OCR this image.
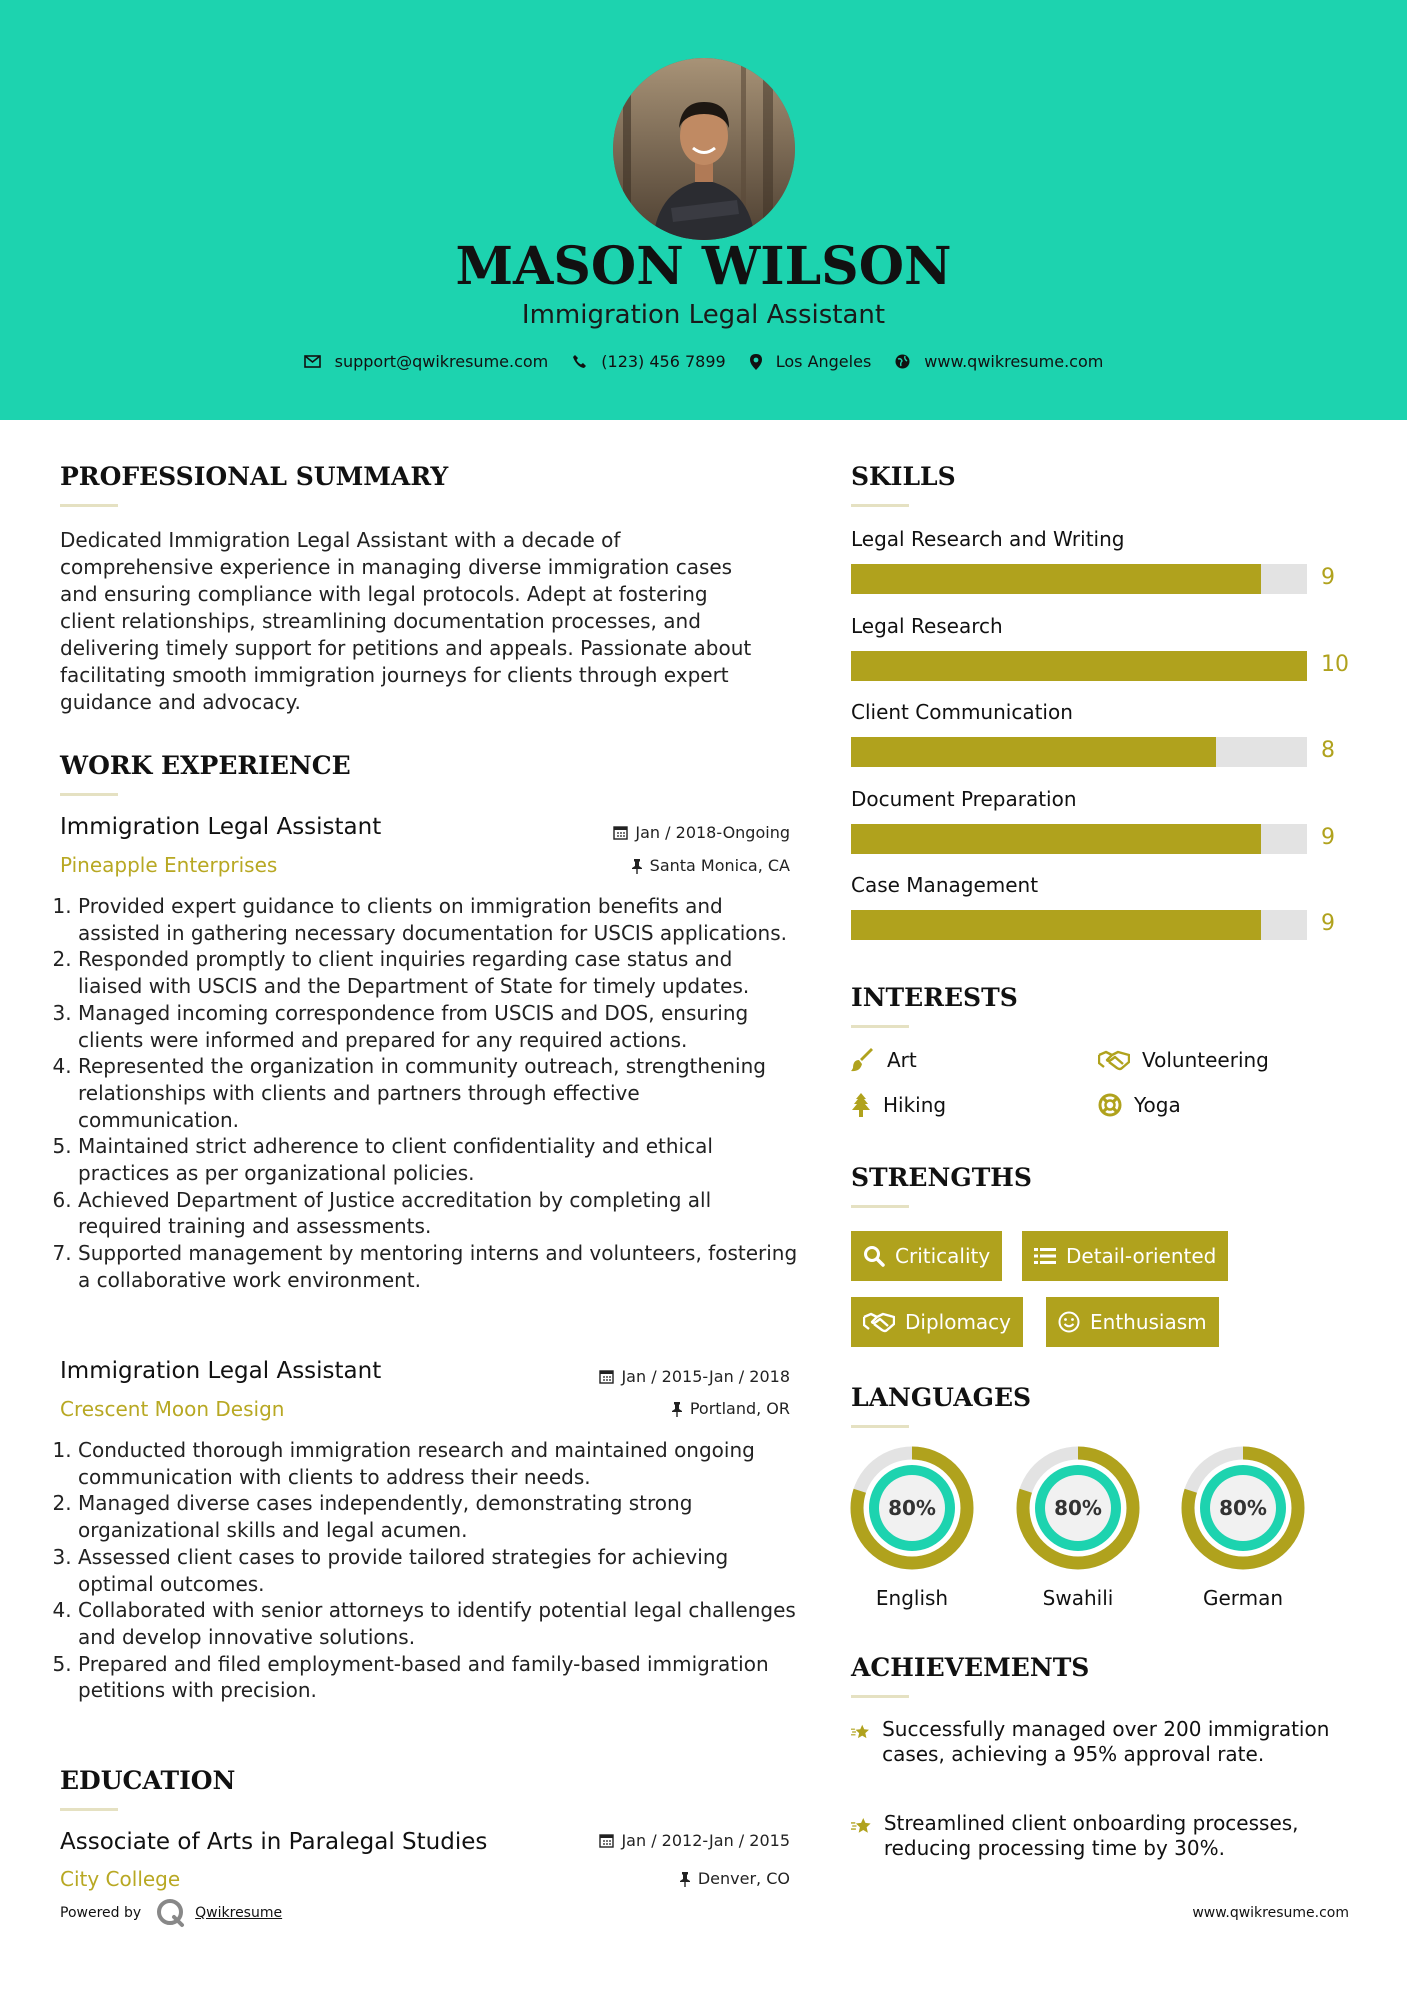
MASON WILSON
Immigration Legal Assistant
support@qwikresume.com	(123) 456 7899	Los Angeles	www.qwikresume.com
PROFESSIONAL SUMMARY
Dedicated Immigration Legal Assistant with a decade of
comprehensive experience in managing diverse immigration cases
and ensuring compliance with legal protocols. Adept at fostering
client relationships, streamlining documentation processes, and
delivering timely support for petitions and appeals. Passionate about
facilitating smooth immigration journeys for clients through expert
guidance and advocacy.
WORK EXPERIENCE
Immigration Legal Assistant	Jan / 2018-Ongoing
Pineapple Enterprises	Santa Monica, CA
1. Provided expert guidance to clients on immigration benefits and assisted in gathering necessary documentation for USCIS applications.
2. Responded promptly to client inquiries regarding case status and liaised with USCIS and the Department of State for timely updates.
3. Managed incoming correspondence from USCIS and DOS, ensuring clients were informed and prepared for any required actions.
4. Represented the organization in community outreach, strengthening relationships with clients and partners through effective communication.
5. Maintained strict adherence to client confidentiality and ethical practices as per organizational policies.
6. Achieved Department of Justice accreditation by completing all required training and assessments.
7. Supported management by mentoring interns and volunteers, fostering a collaborative work environment.
Immigration Legal Assistant	Jan / 2015-Jan / 2018
Crescent Moon Design	Portland, OR
1. Conducted thorough immigration research and maintained ongoing communication with clients to address their needs.
2. Managed diverse cases independently, demonstrating strong organizational skills and legal acumen.
3. Assessed client cases to provide tailored strategies for achieving optimal outcomes.
4. Collaborated with senior attorneys to identify potential legal challenges and develop innovative solutions.
5. Prepared and filed employment-based and family-based immigration petitions with precision.
EDUCATION
Associate of Arts in Paralegal Studies	Jan / 2012-Jan / 2015
City College	Denver, CO
SKILLS
Legal Research and Writing
9
Legal Research
10
Client Communication
8
Document Preparation
9
Case Management
9
INTERESTS
Art	Volunteering
Hiking	Yoga
STRENGTHS
Criticality	Detail-oriented
Diplomacy	Enthusiasm
LANGUAGES
80%
English
80%
Swahili
80%
German
ACHIEVEMENTS
Successfully managed over 200 immigration cases, achieving a 95% approval rate.
Streamlined client onboarding processes, reducing processing time by 30%.
Powered by	Qwikresume	www.qwikresume.com
